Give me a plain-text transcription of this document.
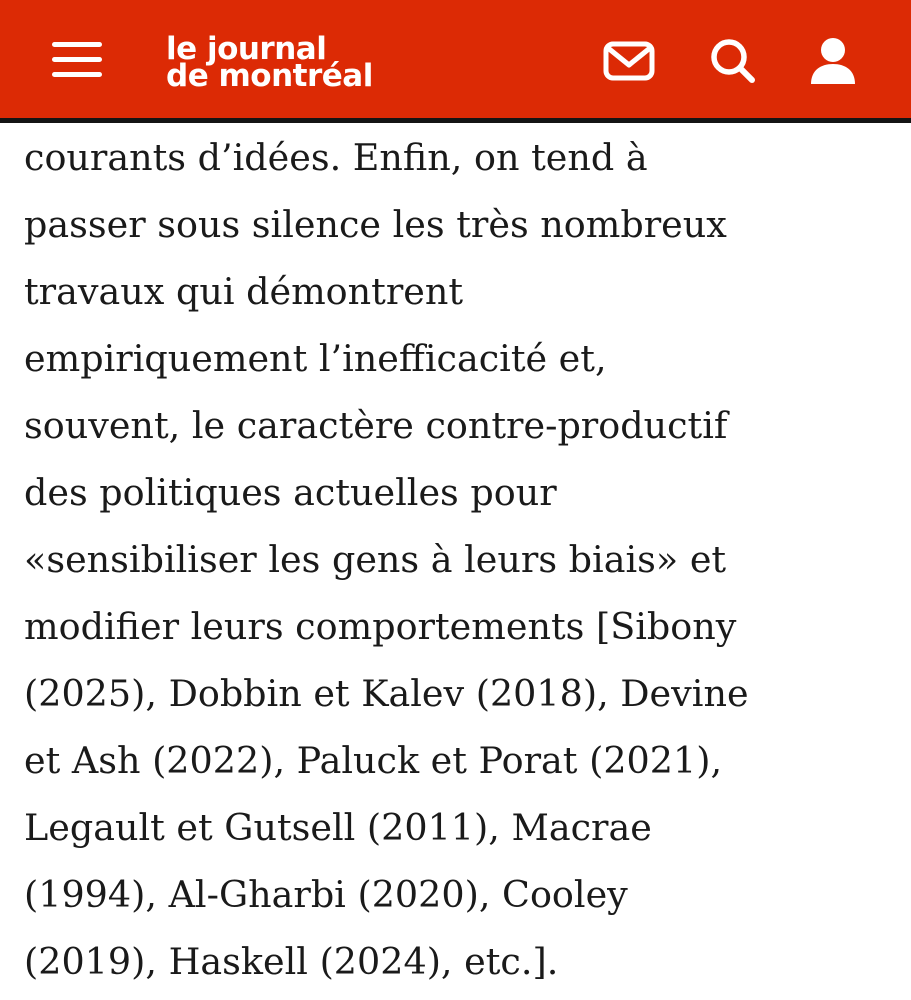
le journal
de montréal
courants d’idées. Enfin, on tend à
passer sous silence les très nombreux
travaux qui démontrent
empiriquement l’inefficacité et,
souvent, le caractère contre-productif
des politiques actuelles pour
«sensibiliser les gens à leurs biais» et
modifier leurs comportements [Sibony
(2025), Dobbin et Kalev (2018), Devine
et Ash (2022), Paluck et Porat (2021),
Legault et Gutsell (2011), Macrae
(1994), Al-Gharbi (2020), Cooley
(2019), Haskell (2024), etc.].
